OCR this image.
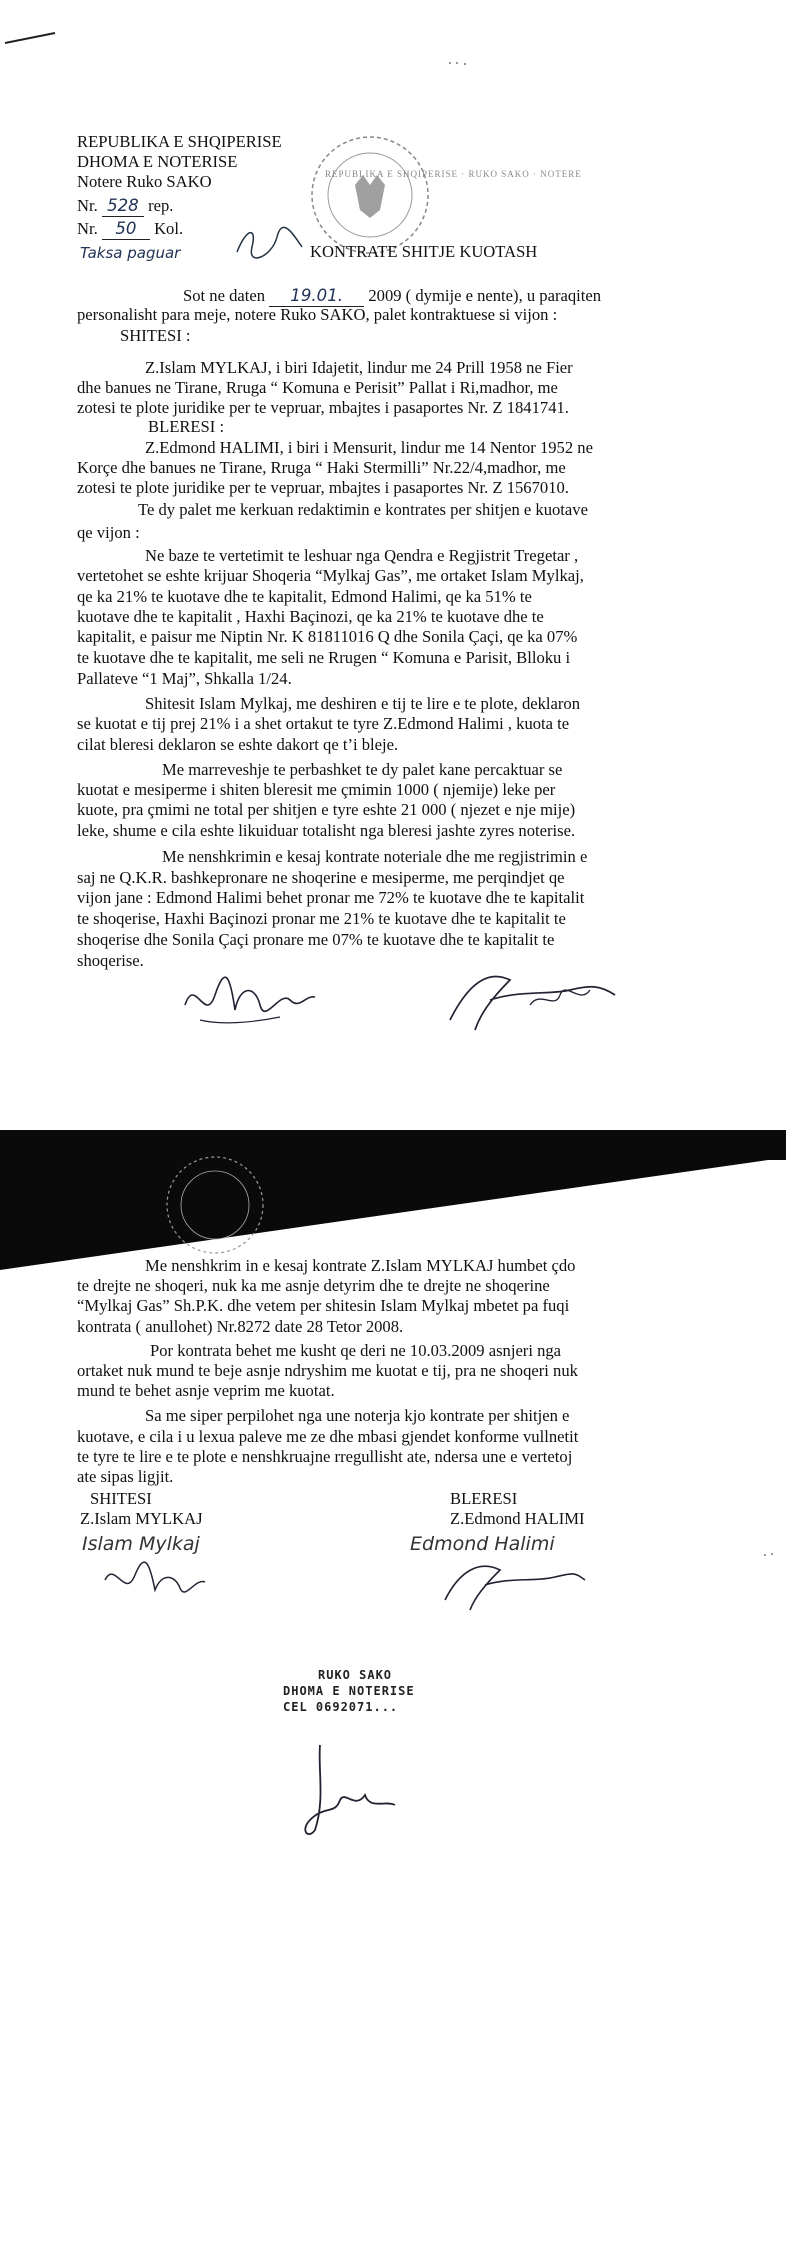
REPUBLIKA E SHQIPERISE
DHOMA E NOTERISE
Notere Ruko SAKO
Nr. 528 rep.
Nr. 50 Kol.
Taksa paguar
REPUBLIKA E SHQIPERISE · RUKO SAKO · NOTERE
KONTRATE SHITJE KUOTASH
Sot ne daten 19.01. 2009 ( dymije e nente), u paraqiten
personalisht para meje, notere Ruko SAKO, palet kontraktuese si vijon :
SHITESI :
Z.Islam MYLKAJ, i biri Idajetit, lindur me 24 Prill 1958 ne Fier
dhe banues ne Tirane, Rruga “ Komuna e Perisit” Pallat i Ri,madhor, me
zotesi te plote juridike per te vepruar, mbajtes i pasaportes Nr. Z 1841741.
BLERESI :
Z.Edmond HALIMI, i biri i Mensurit, lindur me 14 Nentor 1952 ne
Korçe dhe banues ne Tirane, Rruga “ Haki Stermilli” Nr.22/4,madhor, me
zotesi te plote juridike per te vepruar, mbajtes i pasaportes Nr. Z 1567010.
Te dy palet me kerkuan redaktimin e kontrates per shitjen e kuotave
qe vijon :
Ne baze te vertetimit te leshuar nga Qendra e Regjistrit Tregetar ,
vertetohet se eshte krijuar Shoqeria “Mylkaj Gas”, me ortaket Islam Mylkaj,
qe ka 21% te kuotave dhe te kapitalit, Edmond Halimi, qe ka 51% te
kuotave dhe te kapitalit , Haxhi Baçinozi, qe ka 21% te kuotave dhe te
kapitalit, e paisur me Niptin Nr. K 81811016 Q dhe Sonila Çaçi, qe ka 07%
te kuotave dhe te kapitalit, me seli ne Rrugen “ Komuna e Parisit, Blloku i
Pallateve “1 Maj”, Shkalla 1/24.
Shitesit Islam Mylkaj, me deshiren e tij te lire e te plote, deklaron
se kuotat e tij prej 21% i a shet ortakut te tyre Z.Edmond Halimi , kuota te
cilat bleresi deklaron se eshte dakort qe t’i bleje.
Me marreveshje te perbashket te dy palet kane percaktuar se
kuotat e mesiperme i shiten bleresit me çmimin 1000 ( njemije) leke per
kuote, pra çmimi ne total per shitjen e tyre eshte 21 000 ( njezet e nje mije)
leke, shume e cila eshte likuiduar totalisht nga bleresi jashte zyres noterise.
Me nenshkrimin e kesaj kontrate noteriale dhe me regjistrimin e
saj ne Q.K.R. bashkepronare ne shoqerine e mesiperme, me perqindjet qe
vijon jane : Edmond Halimi behet pronar me 72% te kuotave dhe te kapitalit
te shoqerise, Haxhi Baçinozi pronar me 21% te kuotave dhe te kapitalit te
shoqerise dhe Sonila Çaçi pronare me 07% te kuotave dhe te kapitalit te
shoqerise.
Me nenshkrim in e kesaj kontrate Z.Islam MYLKAJ humbet çdo
te drejte ne shoqeri, nuk ka me asnje detyrim dhe te drejte ne shoqerine
“Mylkaj Gas” Sh.P.K. dhe vetem per shitesin Islam Mylkaj mbetet pa fuqi
kontrata ( anullohet) Nr.8272 date 28 Tetor 2008.
Por kontrata behet me kusht qe deri ne 10.03.2009 asnjeri nga
ortaket nuk mund te beje asnje ndryshim me kuotat e tij, pra ne shoqeri nuk
mund te behet asnje veprim me kuotat.
Sa me siper perpilohet nga une noterja kjo kontrate per shitjen e
kuotave, e cila i u lexua paleve me ze dhe mbasi gjendet konforme vullnetit
te tyre te lire e te plote e nenshkruajne rregullisht ate, ndersa une e vertetoj
ate sipas ligjit.
SHITESI
Z.Islam MYLKAJ
BLERESI
Z.Edmond HALIMI
Islam Mylkaj	Edmond Halimi
RUKO SAKO
DHOMA E NOTERISE
CEL 0692071...
